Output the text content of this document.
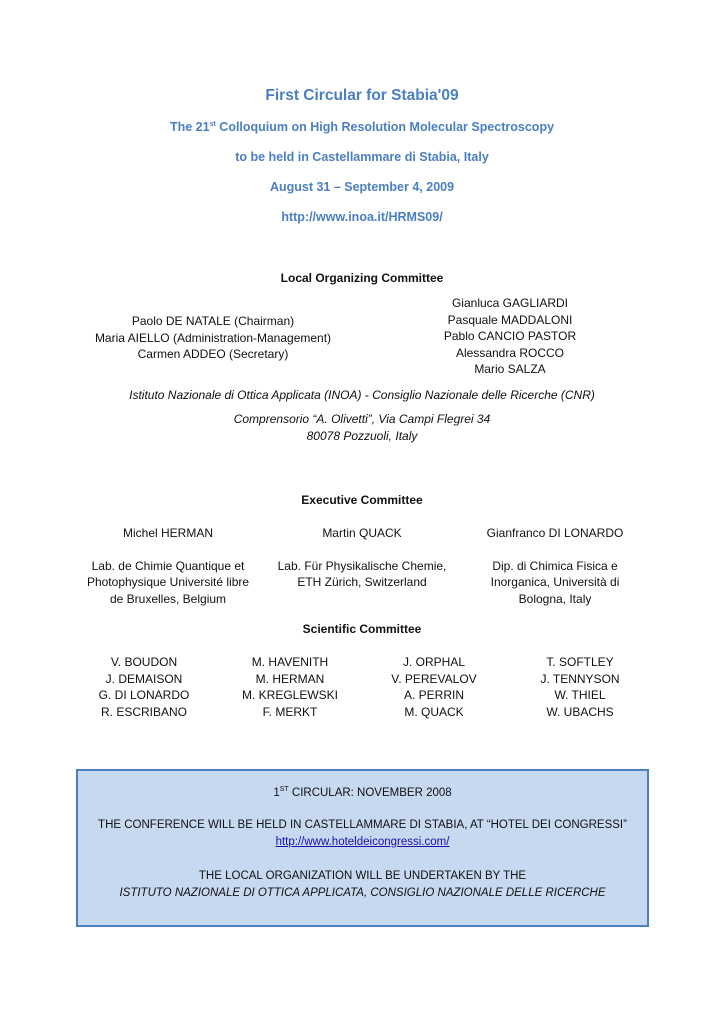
First Circular for Stabia'09
The 21st Colloquium on High Resolution Molecular Spectroscopy
to be held in Castellammare di Stabia, Italy
August 31 – September 4, 2009
http://www.inoa.it/HRMS09/
Local Organizing Committee
Paolo DE NATALE (Chairman)
Maria AIELLO (Administration-Management)
Carmen ADDEO (Secretary)
Gianluca GAGLIARDI
Pasquale MADDALONI
Pablo CANCIO PASTOR
Alessandra ROCCO
Mario SALZA
Istituto Nazionale di Ottica Applicata (INOA) - Consiglio Nazionale delle Ricerche (CNR)
Comprensorio “A. Olivetti”, Via Campi Flegrei 34
80078 Pozzuoli, Italy
Executive Committee
Michel HERMAN
Lab. de Chimie Quantique et
Photophysique Université libre
de Bruxelles, Belgium
Martin QUACK
Lab. Für Physikalische Chemie,
ETH Zürich, Switzerland
Gianfranco DI LONARDO
Dip. di Chimica Fisica e
Inorganica, Università di
Bologna, Italy
Scientific Committee
V. BOUDON
J. DEMAISON
G. DI LONARDO
R. ESCRIBANO
M. HAVENITH
M. HERMAN
M. KREGLEWSKI
F. MERKT
J. ORPHAL
V. PEREVALOV
A. PERRIN
M. QUACK
T. SOFTLEY
J. TENNYSON
W. THIEL
W. UBACHS

1ST CIRCULAR: NOVEMBER 2008

THE CONFERENCE WILL BE HELD IN CASTELLAMMARE DI STABIA, AT “HOTEL DEI CONGRESSI”

http://www.hoteldeicongressi.com/

THE LOCAL ORGANIZATION WILL BE UNDERTAKEN BY THE

ISTITUTO NAZIONALE DI OTTICA APPLICATA, CONSIGLIO NAZIONALE DELLE RICERCHE
